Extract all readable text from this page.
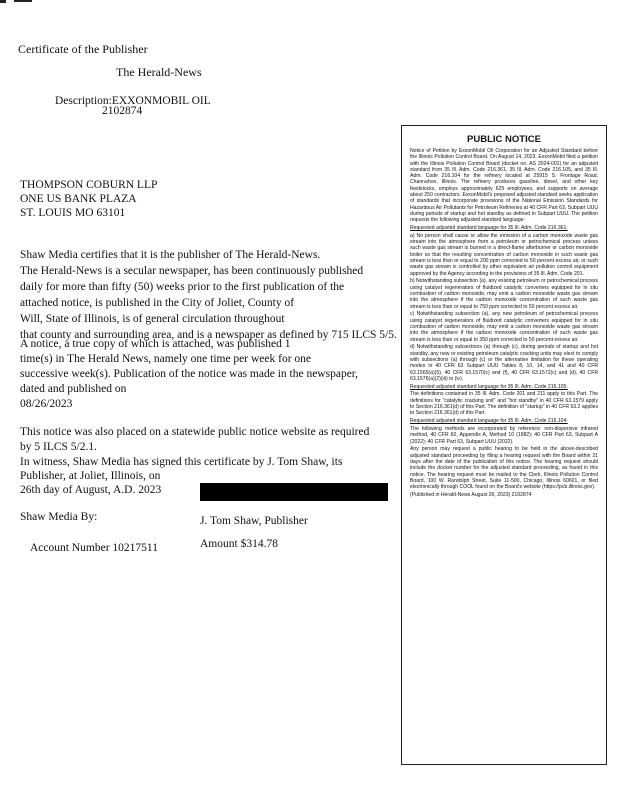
Certificate of the Publisher
The Herald-News
Description:EXXONMOBIL OIL
2102874
THOMPSON COBURN LLP
ONE US BANK PLAZA
ST. LOUIS MO 63101
Shaw Media certifies that it is the publisher of The Herald-News.
The Herald-News is a secular newspaper, has been continuously published
daily for more than fifty (50) weeks prior to the first publication of the
attached notice, is published in the City of Joliet, County of
Will, State of Illinois, is of general circulation throughout
that county and surrounding area, and is a newspaper as defined by 715 ILCS 5/5.
A notice, a true copy of which is attached, was published 1
time(s) in The Herald News, namely one time per week for one
successive week(s). Publication of the notice was made in the newspaper,
dated and published on
08/26/2023
This notice was also placed on a statewide public notice website as required
by 5 ILCS 5/2.1.
In witness, Shaw Media has signed this certificate by J. Tom Shaw, its
Publisher, at Joliet, Illinois, on
26th day of August, A.D. 2023
Shaw Media By:	J. Tom Shaw, Publisher
Account Number 10217511	Amount $314.78
PUBLIC NOTICE

Notice of Petition by ExxonMobil Oil Corporation for an Adjusted Standard before the Illinois Pollution Control Board. On August 14, 2023, ExxonMobil filed a petition with the Illinois Pollution Control Board (docket no. AS 2024-001) for an adjusted standard from 35 Ill. Adm. Code 216.361, 35 Ill. Adm. Code 216.105, and 35 Ill. Adm. Code 216.104 for the refinery located at 25915 S. Frontage Road, Channahon, Illinois. The refinery produces gasoline, diesel, and other key feedstocks, employs approximately 625 employees, and supports on average about 250 contractors. ExxonMobil's proposed adjusted standard seeks application of standards that incorporate provisions of the National Emission Standards for Hazardous Air Pollutants for Petroleum Refineries at 40 CFR Part 63, Subpart UUU during periods of startup and hot standby as defined in Subpart UUU. The petition requests the following adjusted standard language:

Requested adjusted standard language for 35 Ill. Adm. Code 216.361:

a) No person shall cause or allow the emission of a carbon monoxide waste gas stream into the atmosphere from a petroleum or petrochemical process unless such waste gas stream is burned in a direct-flame afterburner or carbon monoxide boiler so that the resulting concentration of carbon monoxide in such waste gas stream is less than or equal to 200 ppm corrected to 50 percent excess air, or such waste gas stream is controlled by other equivalent air pollution control equipment approved by the Agency according to the provisions of 35 Ill. Adm. Code 201.

b) Notwithstanding subsection (a), any existing petroleum or petrochemical process using catalyst regenerators of fluidized catalytic converters equipped for in situ combustion of carbon monoxide, may emit a carbon monoxide waste gas stream into the atmosphere if the carbon monoxide concentration of such waste gas stream is less than or equal to 750 ppm corrected to 50 percent excess air.

c) Notwithstanding subsection (a), any new petroleum of petrochemical process using catalyst regenerators of fluidized catalytic converters equipped for in situ combustion of carbon monoxide, may emit a carbon monoxide waste gas stream into the atmosphere if the carbon monoxide concentration of such waste gas stream is less than or equal to 350 ppm corrected to 50 percent excess air.

d) Notwithstanding subsections (a) through (c), during periods of startup and hot standby, any new or existing petroleum catalytic cracking units may elect to comply with subsections (a) through (c) or the alternative limitation for these operating modes in 40 CFR 63 Subpart UUU Tables 8, 10, 14, and 41 and 40 CFR 63.1565(a)(5), 40 CFR 63.1570(c) and (f), 40 CFR 63.1572(c) and (d), 40 CFR 63.1576(a)(2)(iii) to (iv).

Requested adjusted standard language for 35 Ill. Adm. Code 216.105:

The definitions contained in 35 Ill. Adm. Code 201 and 211 apply to this Part. The definitions for "catalytic cracking unit" and "hot standby" in 40 CFR 63.1579 apply to Section 216.361(d) of this Part. The definition of "startup" in 40 CFR 63.2 applies to Section 216.361(d) of this Part.

Requested adjusted standard language for 35 Ill. Adm. Code 216.104:

The following methods are incorporated by reference: non-dispersive infrared method, 40 CFR 60, Appendix A, Method 10 (1982); 40 CFR Part 63, Subpart A (2022); 40 CFR Part 63, Subpart UUU (2022).

Any person may request a public hearing to be held in the above-described adjusted standard proceeding by filing a hearing request with the Board within 21 days after the date of the publication of this notice. The hearing request should include the docket number for the adjusted standard proceeding, as found in this notice. The hearing request must be mailed to the Clerk, Illinois Pollution Control Board, 100 W. Randolph Street, Suite 11-500, Chicago, Illinois 60601, or filed electronically through COOL found on the Board's website (https://pcb.illinois.gov).

(Published in Herald-News August 26, 2023) 2102874
